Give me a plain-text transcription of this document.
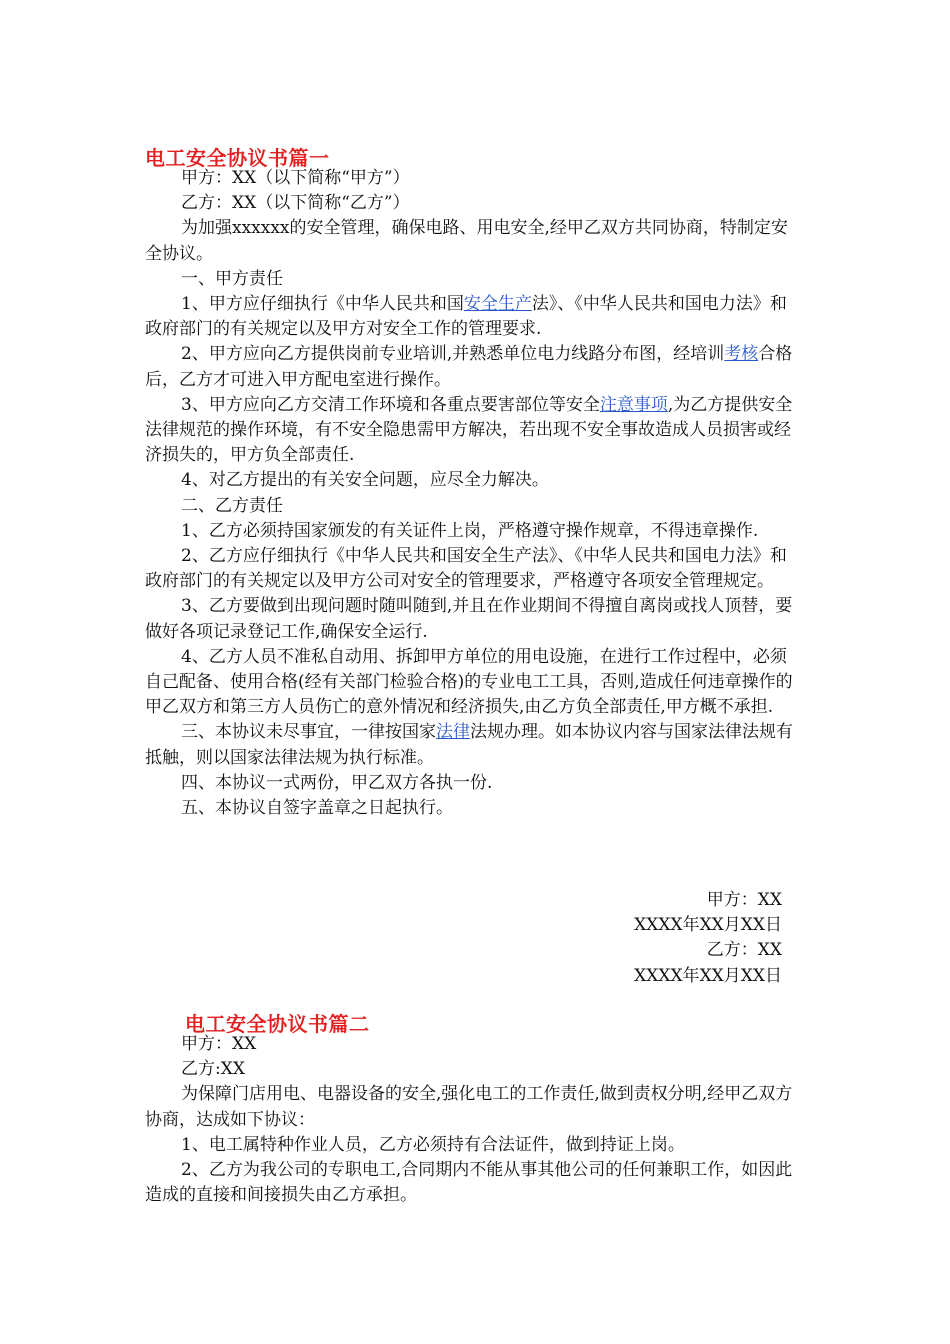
电工安全协议书篇一

甲方：XX（以下简称“甲方”）

乙方：XX（以下简称“乙方”）

为加强xxxxxx的安全管理，确保电路、用电安全,经甲乙双方共同协商，特制定安全协议。

一、甲方责任

1、甲方应仔细执行《中华人民共和国安全生产法》、《中华人民共和国电力法》和政府部门的有关规定以及甲方对安全工作的管理要求.

2、甲方应向乙方提供岗前专业培训,并熟悉单位电力线路分布图，经培训考核合格后，乙方才可进入甲方配电室进行操作。

3、甲方应向乙方交清工作环境和各重点要害部位等安全注意事项,为乙方提供安全法律规范的操作环境，有不安全隐患需甲方解决，若出现不安全事故造成人员损害或经济损失的，甲方负全部责任.

4、对乙方提出的有关安全问题，应尽全力解决。

二、乙方责任

1、乙方必须持国家颁发的有关证件上岗，严格遵守操作规章，不得违章操作.

2、乙方应仔细执行《中华人民共和国安全生产法》、《中华人民共和国电力法》和政府部门的有关规定以及甲方公司对安全的管理要求，严格遵守各项安全管理规定。

3、乙方要做到出现问题时随叫随到,并且在作业期间不得擅自离岗或找人顶替，要做好各项记录登记工作,确保安全运行.

4、乙方人员不准私自动用、拆卸甲方单位的用电设施，在进行工作过程中，必须自己配备、使用合格(经有关部门检验合格)的专业电工工具，否则,造成任何违章操作的甲乙双方和第三方人员伤亡的意外情况和经济损失,由乙方负全部责任,甲方概不承担.

三、本协议未尽事宜，一律按国家法律法规办理。如本协议内容与国家法律法规有抵触，则以国家法律法规为执行标准。

四、本协议一式两份，甲乙双方各执一份.

五、本协议自签字盖章之日起执行。

甲方：XX
XXXX年XX月XX日
乙方：XX
XXXX年XX月XX日
电工安全协议书篇二

甲方：XX

乙方:XX

为保障门店用电、电器设备的安全,强化电工的工作责任,做到责权分明,经甲乙双方协商，达成如下协议：

1、电工属特种作业人员，乙方必须持有合法证件，做到持证上岗。

2、乙方为我公司的专职电工,合同期内不能从事其他公司的任何兼职工作，如因此造成的直接和间接损失由乙方承担。
